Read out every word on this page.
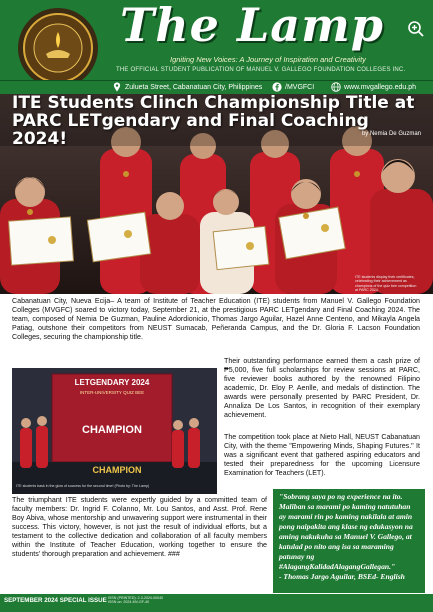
The Lamp
Igniting New Voices: A Journey of Inspiration and Creativity
THE OFFICIAL STUDENT PUBLICATION OF MANUEL V. GALLEGO FOUNDATION COLLEGES INC.
Zulueta Street, Cabanatuan City, Philippines	/MVGFCI	www.mvgallego.edu.ph
ITE Students Clinch Championship Title at PARC LETgendary and Final Coaching 2024!	by Nemia De Guzman
ITE students display their certificates, celebrating their achievement as champions of the quiz bee competition at PARC 2024.
Cabanatuan City, Nueva Ecija– A team of Institute of Teacher Education (ITE) students from Manuel V. Gallego Foundation Colleges (MVGFC) soared to victory today, September 21, at the prestigious PARC LETgendary and Final Coaching 2024. The team, composed of Nemia De Guzman, Pauline Adordionicio, Thomas Jargo Aguilar, Hazel Anne Centeno, and Mikayla Angela Patiag, outshone their competitors from NEUST Sumacab, Peñeranda Campus, and the Dr. Gloria F. Lacson Foundation Colleges, securing the championship title.
LETGENDARY 2024
INTER-UNIVERSITY QUIZ BEE
CHAMPION
CHAMPION
ITE students bask in the glow of success for the second time! (Photo by: The Lamp)
Their outstanding performance earned them a cash prize of ₱5,000, five full scholarships for review sessions at PARC, five reviewer books authored by the renowned Filipino academic, Dr. Eloy P. Aenlle, and medals of distinction. The awards were personally presented by PARC President, Dr. Annaliza De Los Santos, in recognition of their exemplary achievement.
The competition took place at Nieto Hall, NEUST Cabanatuan City, with the theme "Empowering Minds, Shaping Futures." It was a significant event that gathered aspiring educators and tested their preparedness for the upcoming Licensure Examination for Teachers (LET).
The triumphant ITE students were expertly guided by a committed team of faculty members: Dr. Ingrid F. Colanno, Mr. Lou Santos, and Asst. Prof. Rene Boy Abiva, whose mentorship and unwavering support were instrumental in their success. This victory, however, is not just the result of individual efforts, but a testament to the collective dedication and collaboration of all faculty members within the Institute of Teacher Education, working together to ensure the students' thorough preparation and achievement. ###
"Sobrang saya po ng experience na ito. Maliban sa marami po kaming natutuhan ay marami rin po kaming nakilala at amin pong naipakita ang klase ng edukasyon na aming nakukuha sa Manuel V. Gallego, at katulad po nito ang isa sa maraming patunay ng #AlagangKalidadAlagangGallegan."
- Thomas Jargo Aguilar, BSEd- English
SEPTEMBER 2024 SPECIAL ISSUE ISSN (PRINTED): 2-3-2024-00040
ISSN on: 2024-MV-GF-40
